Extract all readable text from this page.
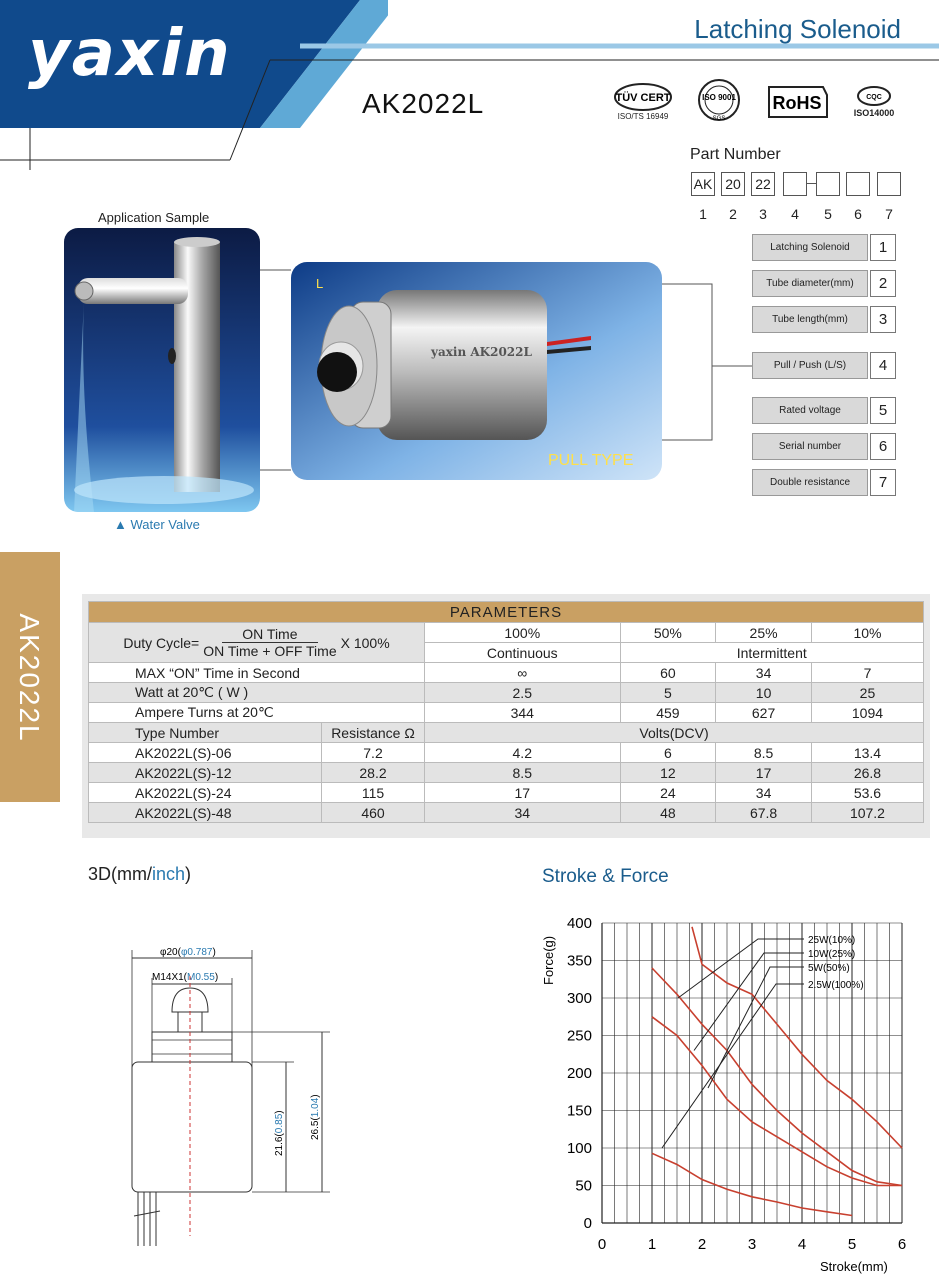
yaxin	Latching Solenoid
AK2022L	TÜV CERT
ISO/TS 16949
ISO 9001
SGS
RoHS	CQC
ISO14000
Part Number
AK 20	22
1	2	3	4	5	6	7
Latching Solenoid	1
Tube diameter(mm)	2
Tube length(mm)	3
Pull / Push (L/S)	4
Rated voltage	5
Serial number	6
Double resistance	7
AK2022L
Application Sample
▲ Water Valve
yaxin AK2022L
L
PULL TYPE
PARAMETERS					

Duty Cycle=
ON Time
ON Time + OFF Time
X 100%		100%	50%	25%	10%
		Continuous	Intermittent		
MAX “ON” Time in Second		∞	60	34	7
Watt at 20℃ ( W )		2.5	5	10	25
Ampere Turns at 20℃		344	459	627	1094
Type Number	Resistance Ω	Volts(DCV)			
AK2022L(S)-06	7.2	4.2	6	8.5	13.4
AK2022L(S)-12	28.2	8.5	12	17	26.8
AK2022L(S)-24	115	17	24	34	53.6
AK2022L(S)-48	460	34	48	67.8	107.2
3D(mm/inch)
φ20(φ0.787)
M14X1(M0.55)
21.6(0.85)
26.5(1.04)
Stroke & Force
0
50
100
150
200
250
300
350
400
0	1	2	3	4	5	6
25W(10%)
10W(25%)
5W(50%)
2.5W(100%)
Force(g)
Stroke(mm)
